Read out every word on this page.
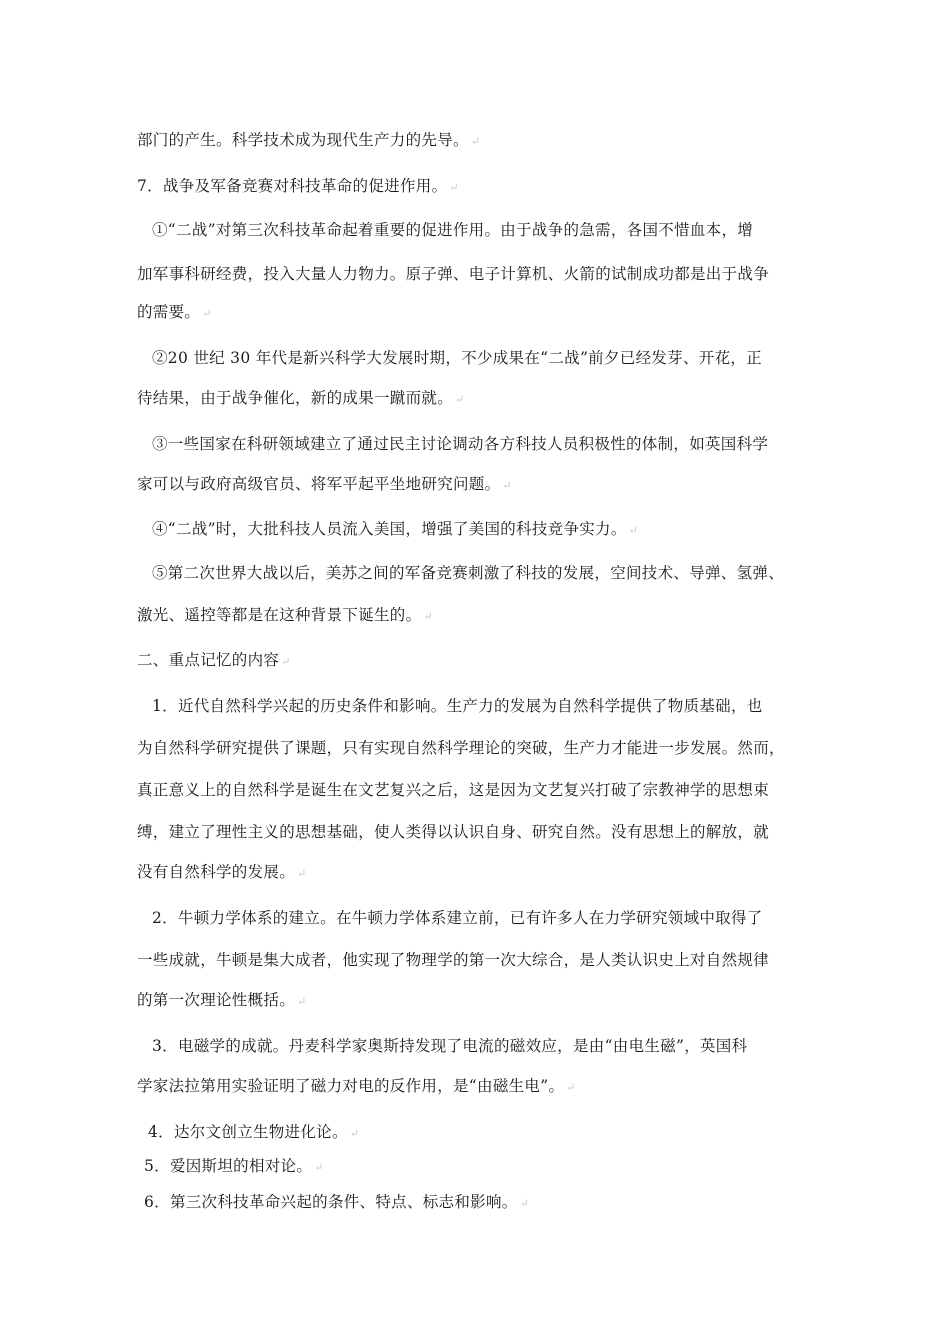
部门的产生。科学技术成为现代生产力的先导。 ↵
7．战争及军备竞赛对科技革命的促进作用。 ↵
①“二战”对第三次科技革命起着重要的促进作用。由于战争的急需，各国不惜血本，增
加军事科研经费，投入大量人力物力。原子弹、电子计算机、火箭的试制成功都是出于战争
的需要。 ↵
②20 世纪 30 年代是新兴科学大发展时期，不少成果在“二战”前夕已经发芽、开花，正
待结果，由于战争催化，新的成果一蹴而就。 ↵
③一些国家在科研领域建立了通过民主讨论调动各方科技人员积极性的体制，如英国科学
家可以与政府高级官员、将军平起平坐地研究问题。 ↵
④“二战”时，大批科技人员流入美国，增强了美国的科技竞争实力。 ↵
⑤第二次世界大战以后，美苏之间的军备竞赛刺激了科技的发展，空间技术、导弹、氢弹、
激光、遥控等都是在这种背景下诞生的。 ↵
二、重点记忆的内容 ↵
1．近代自然科学兴起的历史条件和影响。生产力的发展为自然科学提供了物质基础，也
为自然科学研究提供了课题，只有实现自然科学理论的突破，生产力才能进一步发展。然而，
真正意义上的自然科学是诞生在文艺复兴之后，这是因为文艺复兴打破了宗教神学的思想束
缚，建立了理性主义的思想基础，使人类得以认识自身、研究自然。没有思想上的解放，就
没有自然科学的发展。 ↵
2．牛顿力学体系的建立。在牛顿力学体系建立前，已有许多人在力学研究领域中取得了
一些成就，牛顿是集大成者，他实现了物理学的第一次大综合，是人类认识史上对自然规律
的第一次理论性概括。 ↵
3．电磁学的成就。丹麦科学家奥斯持发现了电流的磁效应，是由“由电生磁”，英国科
学家法拉第用实验证明了磁力对电的反作用，是“由磁生电”。 ↵
4．达尔文创立生物进化论。 ↵
5．爱因斯坦的相对论。 ↵
6．第三次科技革命兴起的条件、特点、标志和影响。 ↵
